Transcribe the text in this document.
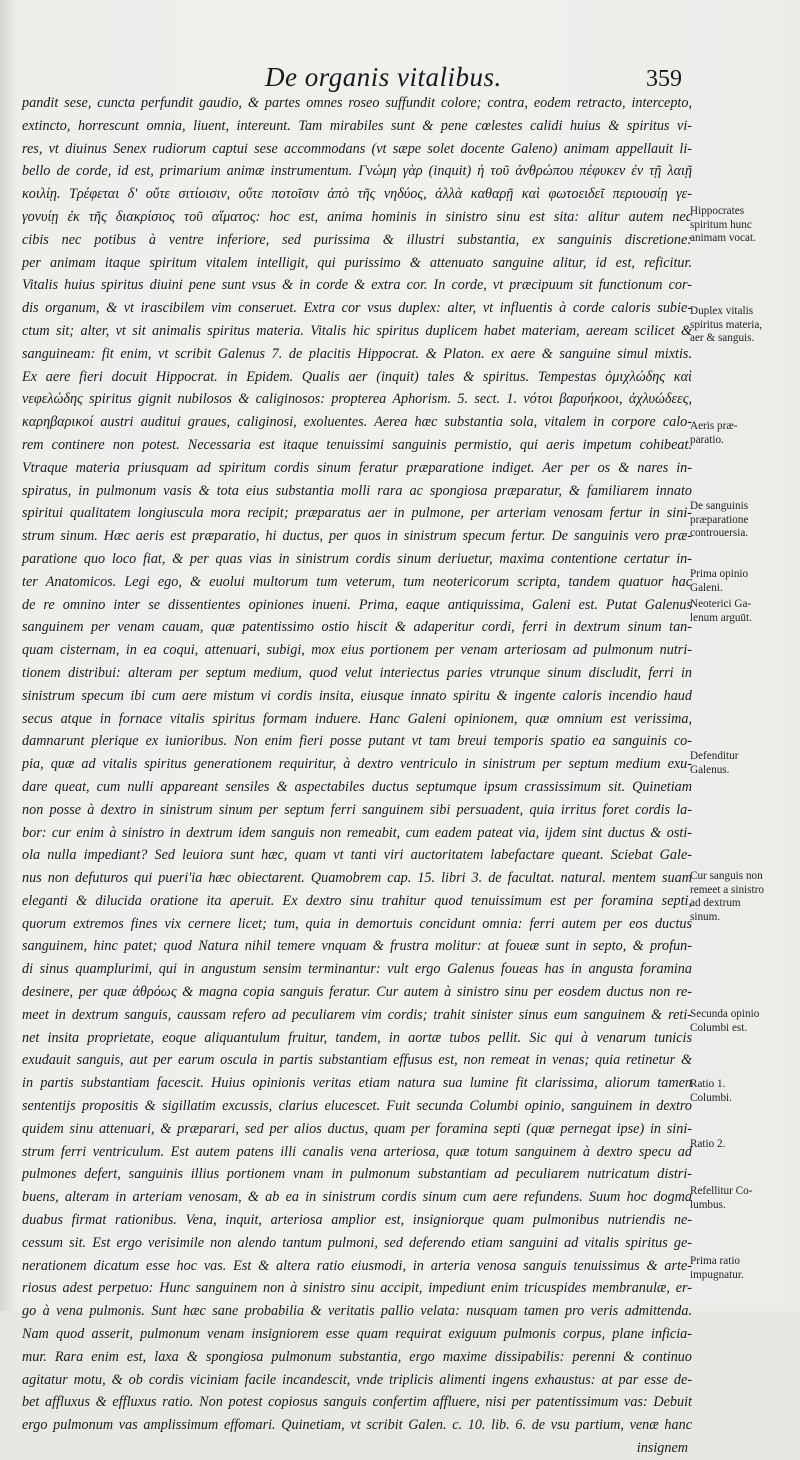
De organis vitalibus.	359
pandit sese, cuncta perfundit gaudio, & partes omnes roseo suffundit colore; contra, eodem retracto, intercepto,
extincto, horrescunt omnia, liuent, intereunt. Tam mirabiles sunt & pene cœlestes calidi huius & spiritus vi-
res, vt diuinus Senex rudiorum captui sese accommodans (vt sæpe solet docente Galeno) animam appellauit li-
bello de corde, id est, primarium animæ instrumentum. Γνώμη γὰρ (inquit) ἡ τοῦ ἀνθρώπου πέφυκεν ἐν τῇ λαιῇ
κοιλίῃ. Τρέφεται δ' οὔτε σιτίοισιν, οὔτε ποτοῖσιν ἀπὸ τῆς νηδύος, ἀλλὰ καθαρῇ καὶ φωτοειδεῖ περιουσίῃ γε-
γονυίῃ ἐκ τῆς διακρίσιος τοῦ αἵματος: hoc est, anima hominis in sinistro sinu est sita: alitur autem nec
cibis nec potibus à ventre inferiore, sed purissima & illustri substantia, ex sanguinis discretione:
per animam itaque spiritum vitalem intelligit, qui purissimo & attenuato sanguine alitur, id est, reficitur.
Vitalis huius spiritus diuini pene sunt vsus & in corde & extra cor. In corde, vt præcipuum sit functionum cor-
dis organum, & vt irascibilem vim conseruet. Extra cor vsus duplex: alter, vt influentis à corde caloris subie-
ctum sit; alter, vt sit animalis spiritus materia. Vitalis hic spiritus duplicem habet materiam, aeream scilicet &
sanguineam: fit enim, vt scribit Galenus 7. de placitis Hippocrat. & Platon. ex aere & sanguine simul mixtis.
Ex aere fieri docuit Hippocrat. in Epidem. Qualis aer (inquit) tales & spiritus. Tempestas ὀμιχλώδης καὶ
νεφελώδης spiritus gignit nubilosos & caliginosos: propterea Aphorism. 5. sect. 1. νότοι βαρυήκοοι, ἀχλυώδεες,
καρηβαρικοί austri auditui graues, caliginosi, exoluentes. Aerea hæc substantia sola, vitalem in corpore calo-
rem continere non potest. Necessaria est itaque tenuissimi sanguinis permistio, qui aeris impetum cohibeat.
Vtraque materia priusquam ad spiritum cordis sinum feratur præparatione indiget. Aer per os & nares in-
spiratus, in pulmonum vasis & tota eius substantia molli rara ac spongiosa præparatur, & familiarem innato
spiritui qualitatem longiuscula mora recipit; præparatus aer in pulmone, per arteriam venosam fertur in sini-
strum sinum. Hæc aeris est præparatio, hi ductus, per quos in sinistrum specum fertur. De sanguinis vero præ-
paratione quo loco fiat, & per quas vias in sinistrum cordis sinum deriuetur, maxima contentione certatur in-
ter Anatomicos. Legi ego, & euolui multorum tum veterum, tum neotericorum scripta, tandem quatuor hac
de re omnino inter se dissentientes opiniones inueni. Prima, eaque antiquissima, Galeni est. Putat Galenus
sanguinem per venam cauam, quæ patentissimo ostio hiscit & adaperitur cordi, ferri in dextrum sinum tan-
quam cisternam, in ea coqui, attenuari, subigi, mox eius portionem per venam arteriosam ad pulmonum nutri-
tionem distribui: alteram per septum medium, quod velut interiectus paries vtrunque sinum discludit, ferri in
sinistrum specum ibi cum aere mistum vi cordis insita, eiusque innato spiritu & ingente caloris incendio haud
secus atque in fornace vitalis spiritus formam induere. Hanc Galeni opinionem, quæ omnium est verissima,
damnarunt plerique ex iunioribus. Non enim fieri posse putant vt tam breui temporis spatio ea sanguinis co-
pia, quæ ad vitalis spiritus generationem requiritur, à dextro ventriculo in sinistrum per septum medium exu-
dare queat, cum nulli appareant sensiles & aspectabiles ductus septumque ipsum crassissimum sit. Quinetiam
non posse à dextro in sinistrum sinum per septum ferri sanguinem sibi persuadent, quia irritus foret cordis la-
bor: cur enim à sinistro in dextrum idem sanguis non remeabit, cum eadem pateat via, ijdem sint ductus & osti-
ola nulla impediant? Sed leuiora sunt hæc, quam vt tanti viri auctoritatem labefactare queant. Sciebat Gale-
nus non defuturos qui pueri'ia hæc obiectarent. Quamobrem cap. 15. libri 3. de facultat. natural. mentem suam
eleganti & dilucida oratione ita aperuit. Ex dextro sinu trahitur quod tenuissimum est per foramina septi,
quorum extremos fines vix cernere licet; tum, quia in demortuis concidunt omnia: ferri autem per eos ductus
sanguinem, hinc patet; quod Natura nihil temere vnquam & frustra molitur: at foueæ sunt in septo, & profun-
di sinus quamplurimi, qui in angustum sensim terminantur: vult ergo Galenus foueas has in angusta foramina
desinere, per quæ ἀθρόως & magna copia sanguis feratur. Cur autem à sinistro sinu per eosdem ductus non re-
meet in dextrum sanguis, caussam refero ad peculiarem vim cordis; trahit sinister sinus eum sanguinem & reti-
net insita proprietate, eoque aliquantulum fruitur, tandem, in aortæ tubos pellit. Sic qui à venarum tunicis
exudauit sanguis, aut per earum oscula in partis substantiam effusus est, non remeat in venas; quia retinetur &
in partis substantiam facescit. Huius opinionis veritas etiam natura sua lumine fit clarissima, aliorum tamen
sententijs propositis & sigillatim excussis, clarius elucescet. Fuit secunda Columbi opinio, sanguinem in dextro
quidem sinu attenuari, & præparari, sed per alios ductus, quam per foramina septi (quæ pernegat ipse) in sini-
strum ferri ventriculum. Est autem patens illi canalis vena arteriosa, quæ totum sanguinem à dextro specu ad
pulmones defert, sanguinis illius portionem vnam in pulmonum substantiam ad peculiarem nutricatum distri-
buens, alteram in arteriam venosam, & ab ea in sinistrum cordis sinum cum aere refundens. Suum hoc dogma
duabus firmat rationibus. Vena, inquit, arteriosa amplior est, insigniorque quam pulmonibus nutriendis ne-
cessum sit. Est ergo verisimile non alendo tantum pulmoni, sed deferendo etiam sanguini ad vitalis spiritus ge-
nerationem dicatum esse hoc vas. Est & altera ratio eiusmodi, in arteria venosa sanguis tenuissimus & arte-
riosus adest perpetuo: Hunc sanguinem non à sinistro sinu accipit, impediunt enim tricuspides membranulæ, er-
go à vena pulmonis. Sunt hæc sane probabilia & veritatis pallio velata: nusquam tamen pro veris admittenda.
Nam quod asserit, pulmonum venam insigniorem esse quam requirat exiguum pulmonis corpus, plane inficia-
mur. Rara enim est, laxa & spongiosa pulmonum substantia, ergo maxime dissipabilis: perenni & continuo
agitatur motu, & ob cordis viciniam facile incandescit, vnde triplicis alimenti ingens exhaustus: at par esse de-
bet affluxus & effluxus ratio. Non potest copiosus sanguis confertim affluere, nisi per patentissimum vas: Debuit
ergo pulmonum vas amplissimum effomari. Quinetiam, vt scribit Galen. c. 10. lib. 6. de vsu partium, venæ hanc
insignem
Hippocrates
spiritum hunc
animam vocat.
Duplex vitalis
spiritus materia,
aer & sanguis.
Aeris præ-
paratio.
De sanguinis
præparatione
controuersia.
Prima opinio
Galeni.
Neoterici Ga-
lenum arguūt.
Defenditur
Galenus.
Cur sanguis non
remeet a sinistro
ad dextrum
sinum.
Secunda opinio
Columbi est.
Ratio 1.
Columbi.
Ratio 2.
Refellitur Co-
lumbus.
Prima ratio
impugnatur.
